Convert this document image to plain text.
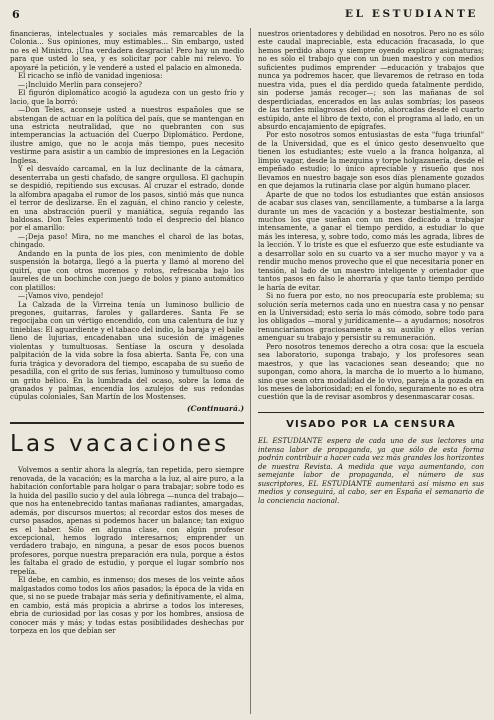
6	EL ESTUDIANTE

financieras, intelectuales y sociales más remarcables de la Colonia... Sus opiniones, muy estimables... Sin embargo, usted no es el Ministro. ¡Una verdadera desgracia! Pero hay un medio para que usted lo sea, y es solicitar por cable mi relevo. Yo apoyaré la petición, y le venderé a usted el palacio en almoneda.

El ricacho se inflò de vanidad ingeniosa:

—¡Incluido Merlín para consejero?

El figurón diplomático acogió la agudeza con un gesto frío y lacio, que la borró:

—Don Teles, aconseje usted a nuestros españoles que se abstengan de actuar en la política del país, que se mantengan en una estricta neutralidad, que no quebranten con sus intemperancias la actuación del Cuerpo Diplomático. Perdone, ilustre amigo, que no le acoja más tiempo, pues necesito vestirme para asistir a un cambio de impresiones en la Legación Inglesa.

Y el desvaído carcamal, en la luz declinante de la cámara, desenterraba un gesti chafado, de sangre orgullosa. El gachupín se despidió, repitiendo sus excusas. Al cruzar el estrado, donde la alfombra apagaba el rumor de los pasos, sintió más que nunca el terror de deslizarse. En el zaguán, el chino rancio y celeste, en una abstracción pueril y maniática, seguía regando las baldosas. Don Teles experimentó todo el desprecio del blanco por el amarillo:

—¡Deja paso! Mira, no me manches el charol de las botas, chingado.

Andando en la punta de los pies, con menimiento de doble suspensión la botarga, llegó a la puerta y llamó al moreno del quitrí, que con otros morenos y rotos, refrescaba bajo los laureles de un bochinche con juego de bolos y piano automático con platillos:

—¡Vamos vivo, pendejo!

La Calzada de la Virreina tenía un luminoso bullicio de pregones, guitarras, faroles y gallarderes. Santa Fe se regocijaba con un vértigo encendido, con una calentura de luz y tinieblas: El aguardiente y el tabaco del indio, la baraja y el baile lleno de lujurias, encadenaban una sucesión de imágenes violentas y tumultuosas. Sentíase la oscura y desolada palpitación de la vida sobre la fosa abierta. Santa Fe, con una furia trágica y devoradora del tiempo, escapaba de su sueño de pesadilla, con el grito de sus ferias, luminoso y tumultuoso como un grito bélico. En la lumbrada del ocaso, sobre la loma de granados y palmas, encendía los azulejos de sus redondas cúpulas coloniales, San Martín de los Mostenses.

(Continuará.)
Las vacaciones

Volvemos a sentir ahora la alegría, tan repetida, pero siempre renovada, de la vacación; es la marcha a la luz, al aire puro, a la habitación confortable para holgar o para trabajar; sobre todo es la huida del pasillo sucio y del aula lóbrega —nunca del trabajo— que nos ha entenebrecido tantas mañanas radiantes, amargadas, además, por discursos muertos; al recordar estos dos meses de curso pasados, apenas si podemos hacer un balance; tan exiguo es el haber. Sólo en alguna clase, con algún profesor excepcional, hemos logrado interesarnos; emprender un verdadero trabajo, en ninguna, a pesar de esos pocos buenos profesores, porque nuestra preparación era nula, porque a éstos les faltaba el grado de estudio, y porque el lugar sombrío nos repelía.

El debe, en cambio, es inmenso; dos meses de los veinte años malgastados como todos los años pasados; la época de la vida en que, si no se puede trabajar más seria y definitivamente, el alma, en cambio, está más propicia a abrirse a todos los intereses, ebria de curiosidad por las cosas y por los hombres, ansiosa de conocer más y más; y todas estas posibilidades deshechas por torpeza en los que debían ser

nuestros orientadores y debilidad en nosotros. Pero no es sólo este caudal inapreciable, esta educación fracasada, lo que hemos perdido ahora y siempre oyendo explicar asignaturas; no es sólo el trabajo que con un buen maestro y con medios suficientes pudimos emprender —educación y trabajos que nunca ya podremos hacer, que llevaremos de retraso en toda nuestra vida, pues el día perdido queda fatalmente perdido, sin poderse jamás recoger—; son las mañanas de sol desperdiciadas, encerados en las aulas sombrías; los paseos de las tardes milagrosas del otoño, ahorcadas desde el cuarto estúpido, ante el libro de texto, con el programa al lado, en un absurdo encajamiento de epígrafes.

Por esto nosotros somos entusiastas de esta "fuga triunfal" de la Universidad, que es el único gesto desenvuelto que tienen los estudiantes; este vuelo a la franca holganza, al limpio vagar, desde la mezquina y torpe holgazanería, desde el empeñado estudio; lo único apreciable y risueño que nos llevamos en nuestro bagaje son esos días plenamente gozados en que dejamos la rutinaria clase por algún humano placer.

Aparte de que no todos los estudiantes que están ansiosos de acabar sus clases van, sencillamente, a tumbarse a la larga durante un mes de vacación y a bostezar bestialmente, son muchos los que sueñan con un mes dedicado a trabajar intensamente, a ganar el tiempo perdido, a estudiar lo que más les interesa, y, sobre todo, como más les agrada, libres de la lección. Y lo triste es que el esfuerzo que este estudiante va a desarrollar solo en su cuarto va a ser mucho mayor y va a rendir mucho menos provecho que el que necesitaría poner en tensión, al lado de un maestro inteligente y orientador que tantos pasos en falso le ahorraría y que tanto tiempo perdido le haría de evitar.

Si no fuera por esto, no nos preocuparía este problema; su solución sería meternos cada uno en nuestra casa y no pensar en la Universidad; esto sería lo más cómodo, sobre todo para los obligados —moral y jurídicamente— a ayudarnos; nosotros renunciaríamos graciosamente a su auxilio y ellos verían amenguar su trabajo y persistir su remuneración.

Pero nosotros tenemos derecho a otra cosa: que la escuela sea laboratorio, suponga trabajo, y los profesores sean maestros, y que las vacaciones sean deseando; que no supongan, como ahora, la marcha de lo muerto a lo humano, sino que sean otra modalidad de lo vivo, pareja a la gozada en los meses de laboriosidad; en el fondo, seguramente no es otra cuestión que la de revisar asombros y desenmascarar cosas.

VISADO POR LA CENSURA

EL ESTUDIANTE espera de cada uno de sus lectores una intensa labor de propaganda, ya que sólo de esta forma podrán contribuir a hacer cada vez más grandes los horizontes de nuestra Revista. A medida que vaya aumentando, con semejante labor de propaganda, el número de sus suscriptores, EL ESTUDIANTE aumentará así mismo en sus medios y conseguirá, al cabo, ser en España el semanario de la conciencia nacional.
